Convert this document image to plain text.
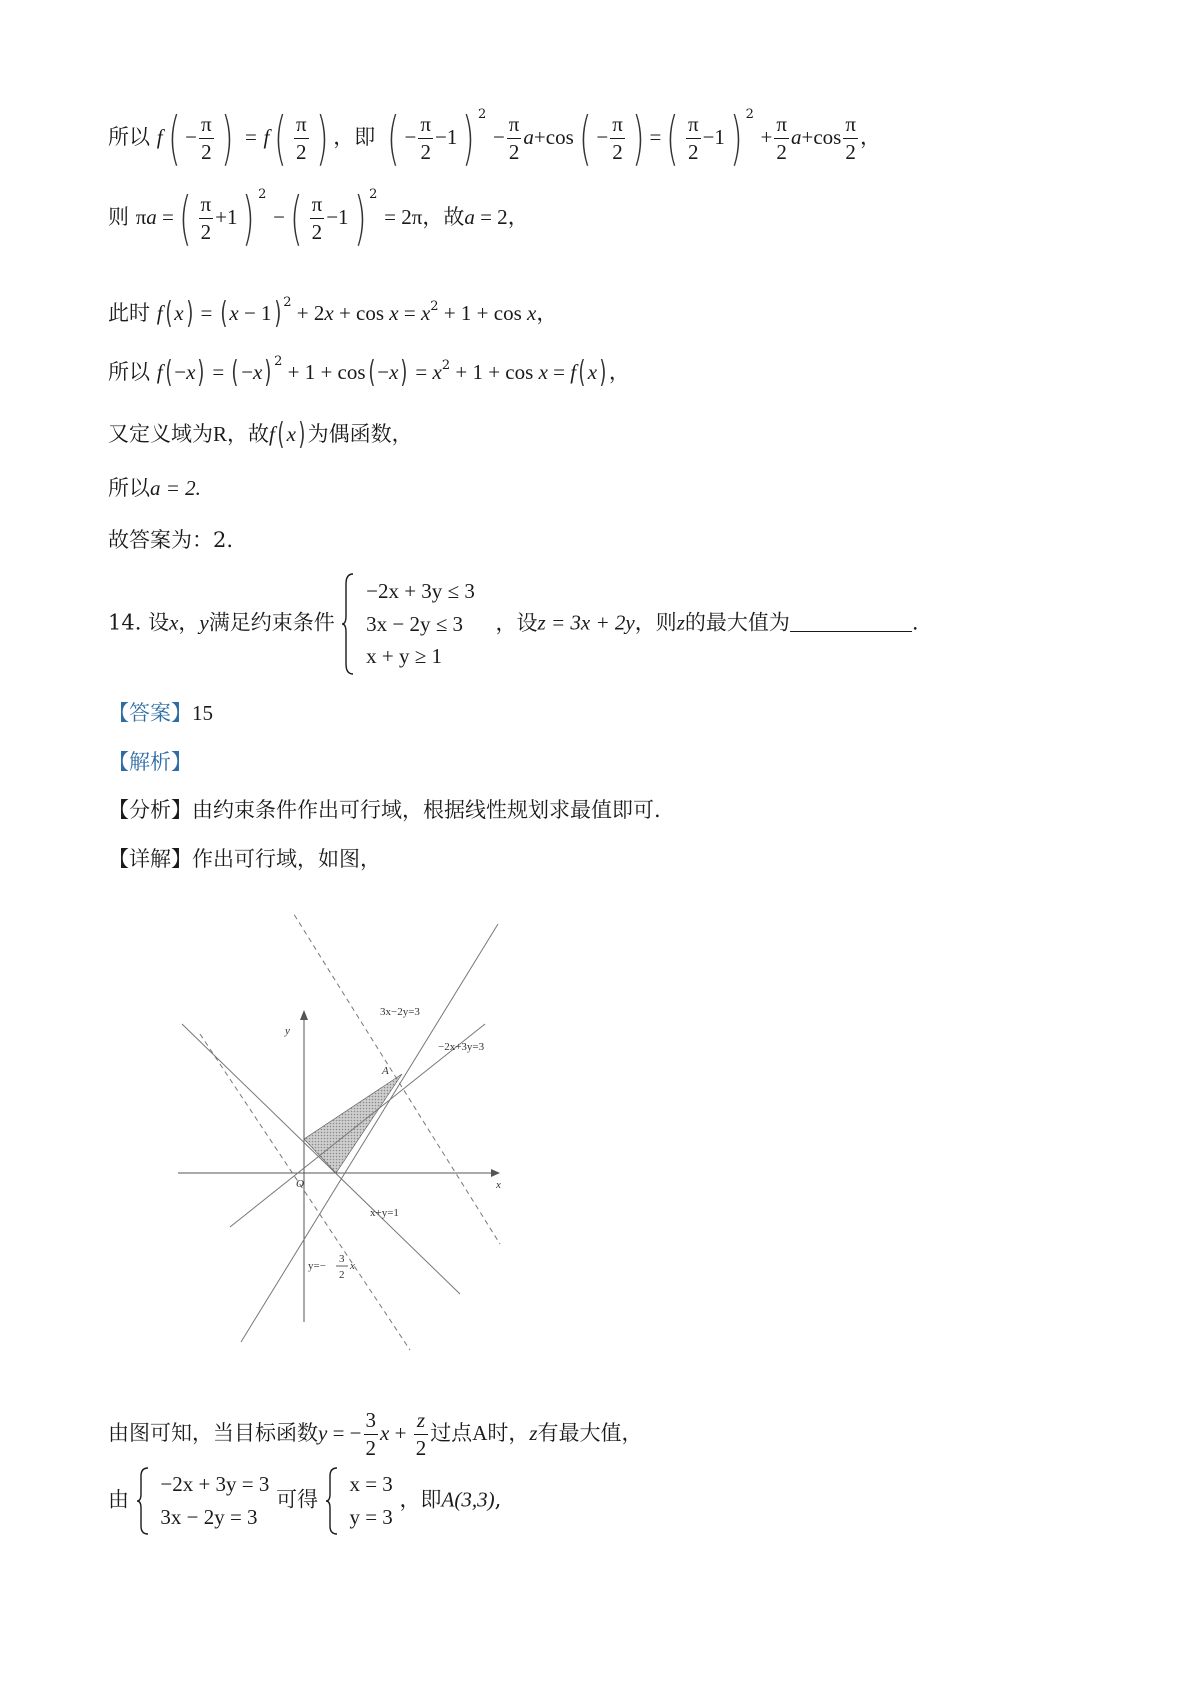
所以 $f( - \frac{\pi}{2}$ ) = $f( \frac{\pi}{2}$ ) ，即 ( − $\frac{\pi}{2} -1$) $^2 - \frac{\pi}{2} a+\cos( - \frac{\pi}{2}$ ) =( $\frac{\pi}{2} -1$) $^2 + \frac{\pi}{2} a+\cos \frac{\pi}{2}$ ，
则 πa =( $\frac{\pi}{2} +1$) $^2$ −( $\frac{\pi}{2} -1$) $^2$ = 2π，故a = 2，
此时 f( x) = ( x − 1) $^2 + 2x + \cos x = x^2 + 1 + \cos x$，
所以 f( −x) = ( −x) $^2 + 1 + \cos( -x) = x^2 + 1 + \cos x = f$( x) ，
又定义域为R，故f( x) 为偶函数，
所以a = 2.
故答案为：2.
14. 设x，y满足约束条件
−2x + 3y ≤ 3
3x − 2y ≤ 3
x + y ≥ 1
，设z = 3x + 2y，则z的最大值为	.
【答案】15
【解析】
【分析】由约束条件作出可行域，根据线性规划求最值即可.
【详解】作出可行域，如图，
y
x
O
A
3x−2y=3
−2x+3y=3
x+y=1
y=−
3
2
x
由图可知，当目标函数y = − $\frac{3}{2}$ $x + \frac{z}{2}$ 过点A时，z有最大值，
由
−2x + 3y = 3
3x − 2y = 3
可得
x = 3
y = 3
，即A(3,3),
